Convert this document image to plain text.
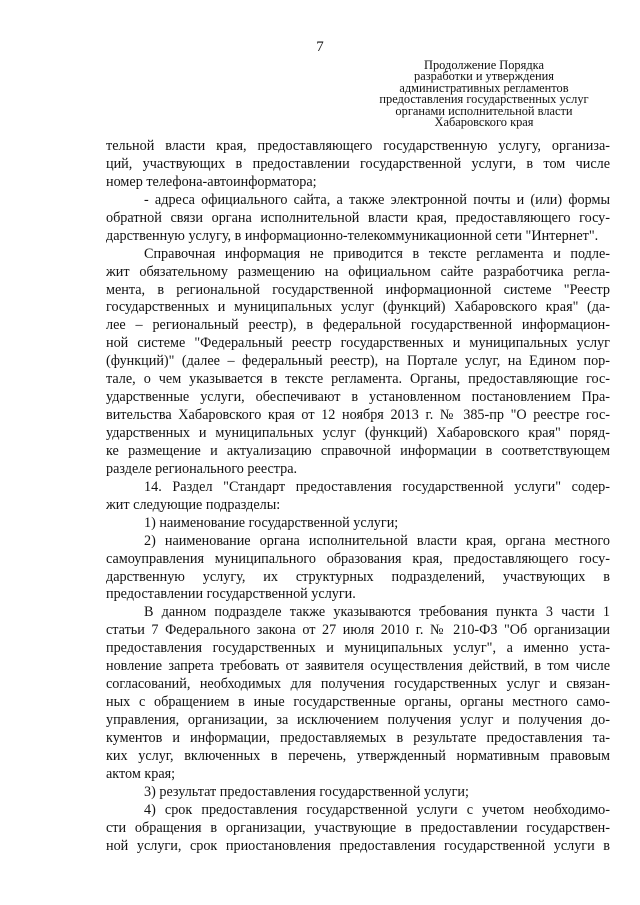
7
Продолжение Порядка
разработки и утверждения
административных регламентов
предоставления государственных услуг
органами исполнительной власти
Хабаровского края
тельной власти края, предоставляющего государственную услугу, организа-
ций, участвующих в предоставлении государственной услуги, в том числе
номер телефона-автоинформатора;
- адреса официального сайта, а также электронной почты и (или) формы
обратной связи органа исполнительной власти края, предоставляющего госу-
дарственную услугу, в информационно-телекоммуникационной сети "Интернет".
Справочная информация не приводится в тексте регламента и подле-
жит обязательному размещению на официальном сайте разработчика регла-
мента, в региональной государственной информационной системе "Реестр
государственных и муниципальных услуг (функций) Хабаровского края" (да-
лее – региональный реестр), в федеральной государственной информацион-
ной системе "Федеральный реестр государственных и муниципальных услуг
(функций)" (далее – федеральный реестр), на Портале услуг, на Едином пор-
тале, о чем указывается в тексте регламента. Органы, предоставляющие гос-
ударственные услуги, обеспечивают в установленном постановлением Пра-
вительства Хабаровского края от 12 ноября 2013 г. № 385-пр "О реестре гос-
ударственных и муниципальных услуг (функций) Хабаровского края" поряд-
ке размещение и актуализацию справочной информации в соответствующем
разделе регионального реестра.
14. Раздел "Стандарт предоставления государственной услуги" содер-
жит следующие подразделы:
1) наименование государственной услуги;
2) наименование органа исполнительной власти края, органа местного
самоуправления муниципального образования края, предоставляющего госу-
дарственную услугу, их структурных подразделений, участвующих в
предоставлении государственной услуги.
В данном подразделе также указываются требования пункта 3 части 1
статьи 7 Федерального закона от 27 июля 2010 г. № 210-ФЗ "Об организации
предоставления государственных и муниципальных услуг", а именно уста-
новление запрета требовать от заявителя осуществления действий, в том числе
согласований, необходимых для получения государственных услуг и связан-
ных с обращением в иные государственные органы, органы местного само-
управления, организации, за исключением получения услуг и получения до-
кументов и информации, предоставляемых в результате предоставления та-
ких услуг, включенных в перечень, утвержденный нормативным правовым
актом края;
3) результат предоставления государственной услуги;
4) срок предоставления государственной услуги с учетом необходимо-
сти обращения в организации, участвующие в предоставлении государствен-
ной услуги, срок приостановления предоставления государственной услуги в
